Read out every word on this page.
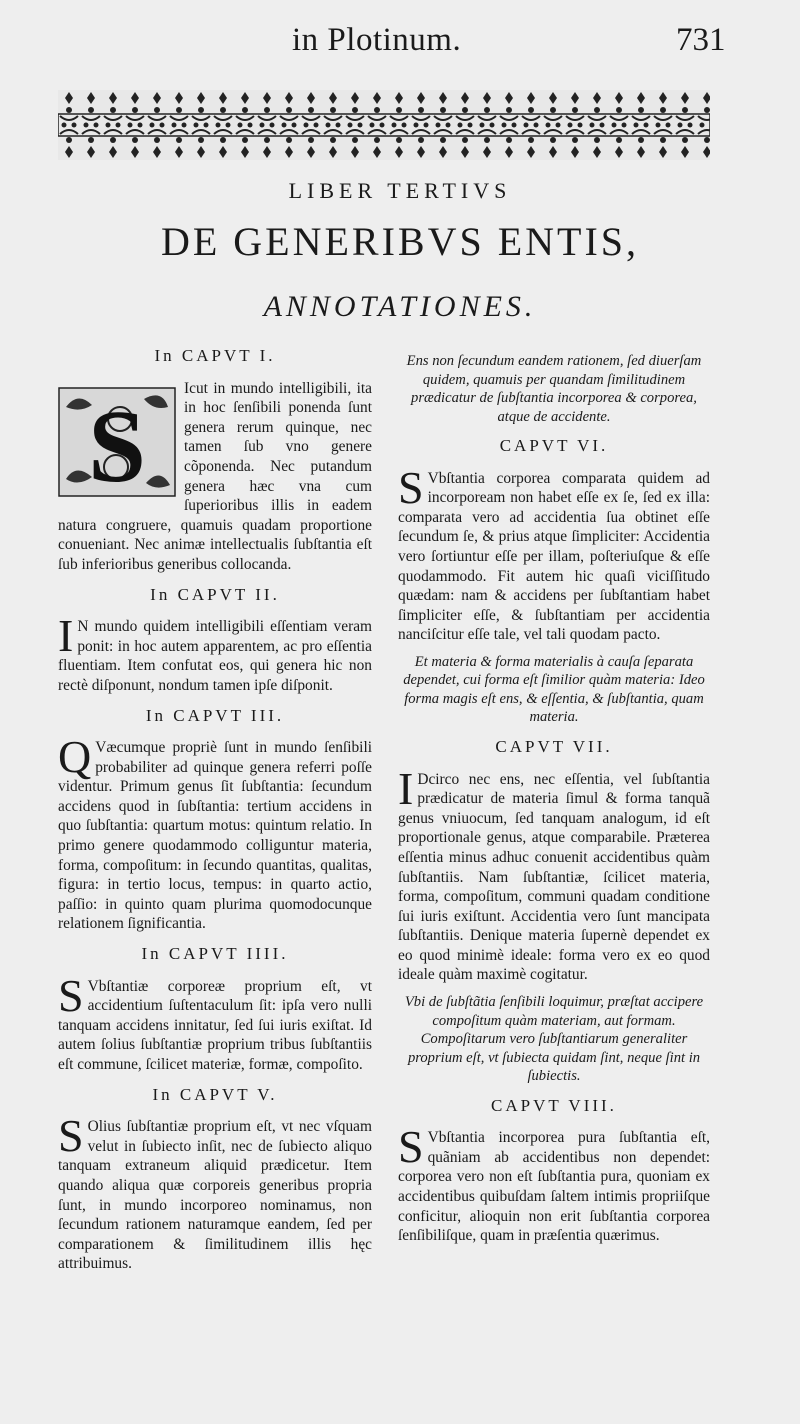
in Plotinum.	731
LIBER TERTIVS
DE GENERIBVS ENTIS,
ANNOTATIONES.
In CAPVT I.
S

Icut in mundo intelligibili, ita in hoc ſenſibili ponenda ſunt genera rerum quinque, nec tamen ſub vno genere cõponenda. Nec putandum genera hæc vna cum ſuperioribus illis in eadem natura congruere, quamuis quadam proportione conueniant. Nec animæ intellectualis ſubſtantia eſt ſub inferioribus generibus collocanda.

In CAPVT II.

I N mundo quidem intelligibili eſſentiam veram ponit: in hoc autem apparentem, ac pro eſſentia fluentiam. Item confutat eos, qui genera hic non rectè diſponunt, nondum tamen ipſe diſponit.

In CAPVT III.

Q Væcumque propriè ſunt in mundo ſenſibili probabiliter ad quinque genera referri poſſe videntur. Primum genus ſit ſubſtantia: ſecundum accidens quod in ſubſtantia: tertium accidens in quo ſubſtantia: quartum motus: quintum relatio. In primo genere quodammodo colliguntur materia, forma, compoſitum: in ſecundo quantitas, qualitas, figura: in tertio locus, tempus: in quarto actio, paſſio: in quinto quam plurima quomodocunque relationem ſignificantia.

In CAPVT IIII.

S Vbſtantiæ corporeæ proprium eſt, vt accidentium ſuſtentaculum ſit: ipſa vero nulli tanquam accidens innitatur, ſed ſui iuris exiſtat. Id autem ſolius ſubſtantiæ proprium tribus ſubſtantiis eſt commune, ſcilicet materiæ, formæ, compoſito.

In CAPVT V.

S Olius ſubſtantiæ proprium eſt, vt nec vſquam velut in ſubiecto inſit, nec de ſubiecto aliquo tanquam extraneum aliquid prædicetur. Item quando aliqua quæ corporeis generibus propria ſunt, in mundo incorporeo nominamus, non ſecundum rationem naturamque eandem, ſed per comparationem & ſimilitudinem illis hęc attribuimus.

Ens non ſecundum eandem rationem, ſed diuerſam quidem, quamuis per quandam ſimilitudinem prædicatur de ſubſtantia incorporea & corporea, atque de accidente.

CAPVT VI.

S Vbſtantia corporea comparata quidem ad incorpoream non habet eſſe ex ſe, ſed ex illa: comparata vero ad accidentia ſua obtinet eſſe ſecundum ſe, & prius atque ſimpliciter: Accidentia vero ſortiuntur eſſe per illam, poſteriuſque & eſſe quodammodo. Fit autem hic quaſi viciſſitudo quædam: nam & accidens per ſubſtantiam habet ſimpliciter eſſe, & ſubſtantiam per accidentia nanciſcitur eſſe tale, vel tali quodam pacto.

Et materia & forma materialis à cauſa ſeparata dependet, cui forma eſt ſimilior quàm materia: Ideo forma magis eſt ens, & eſſentia, & ſubſtantia, quam materia.

CAPVT VII.

I Dcirco nec ens, nec eſſentia, vel ſubſtantia prædicatur de materia ſimul & forma tanquã genus vniuocum, ſed tanquam analogum, id eſt proportionale genus, atque comparabile. Præterea eſſentia minus adhuc conuenit accidentibus quàm ſubſtantiis. Nam ſubſtantiæ, ſcilicet materia, forma, compoſitum, communi quadam conditione ſui iuris exiſtunt. Accidentia vero ſunt mancipata ſubſtantiis. Denique materia ſupernè dependet ex eo quod minimè ideale: forma vero ex eo quod ideale quàm maximè cogitatur.

Vbi de ſubſtãtia ſenſibili loquimur, præſtat accipere compoſitum quàm materiam, aut formam. Compoſitarum vero ſubſtantiarum generaliter proprium eſt, vt ſubiecta quidam ſint, neque ſint in ſubiectis.

CAPVT VIII.

S Vbſtantia incorporea pura ſubſtantia eſt, quãniam ab accidentibus non dependet: corporea vero non eſt ſubſtantia pura, quoniam ex accidentibus quibuſdam ſaltem intimis propriiſque conficitur, alioquin non erit ſubſtantia corporea ſenſibiliſque, quam in præſentia quærimus.
